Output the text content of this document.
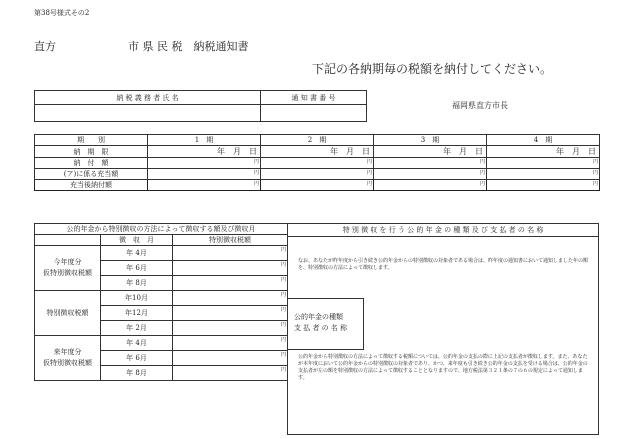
第38号様式その2
直方	市 県 民 税　納税通知書
下記の各納期毎の税額を納付してください。
納 税 義 務 者 氏 名	通 知 書 番 号	

福岡県直方市長
期　　別	1　期	2　期	3　期	4　期
納　期　限	年　月　日	年　月　日	年　月　日	年　月　日
納　付　額	円	円	円	円
(ア)に係る充当額	円	円	円	円
充当後納付額	円	円	円	円
公的年金から特別徴収の方法によって徴収する額及び徴収月		
	徴　収　月	特別徴収税額
今年度分
仮特別徴収税額	年 4月	円
	年 6月	円
	年 8月	円
特別徴収税額	年10月	円
	年12月	円
	年 2月	円
来年度分
仮特別徴収税額	年 4月	円
	年 6月	円
	年 8月	円
特 別 徴 収 を 行 う 公 的 年 金 の 種 類 及 び 支 払 者 の 名 称
なお、あなたが昨年度から引き続き公的年金からの特別徴収の対象者である場合は、昨年度の通知書において通知しました年の額を、特別徴収の方法によって徴収します。
公的年金の種類
支 払 者 の 名 称
公的年金から特別徴収の方法によって徴収する税額については、公的年金の支払の際に上記の支払者が徴収します。また、あなたが本年度において公的年金からの特別徴収の対象者であり、かつ、来年度も引き続き公的年金の支払を受ける場合は、公的年金の支払者が左の額を特別徴収の方法によって徴収することとなりますので、地方税法第３２１条の７の６の規定によって通知します。
